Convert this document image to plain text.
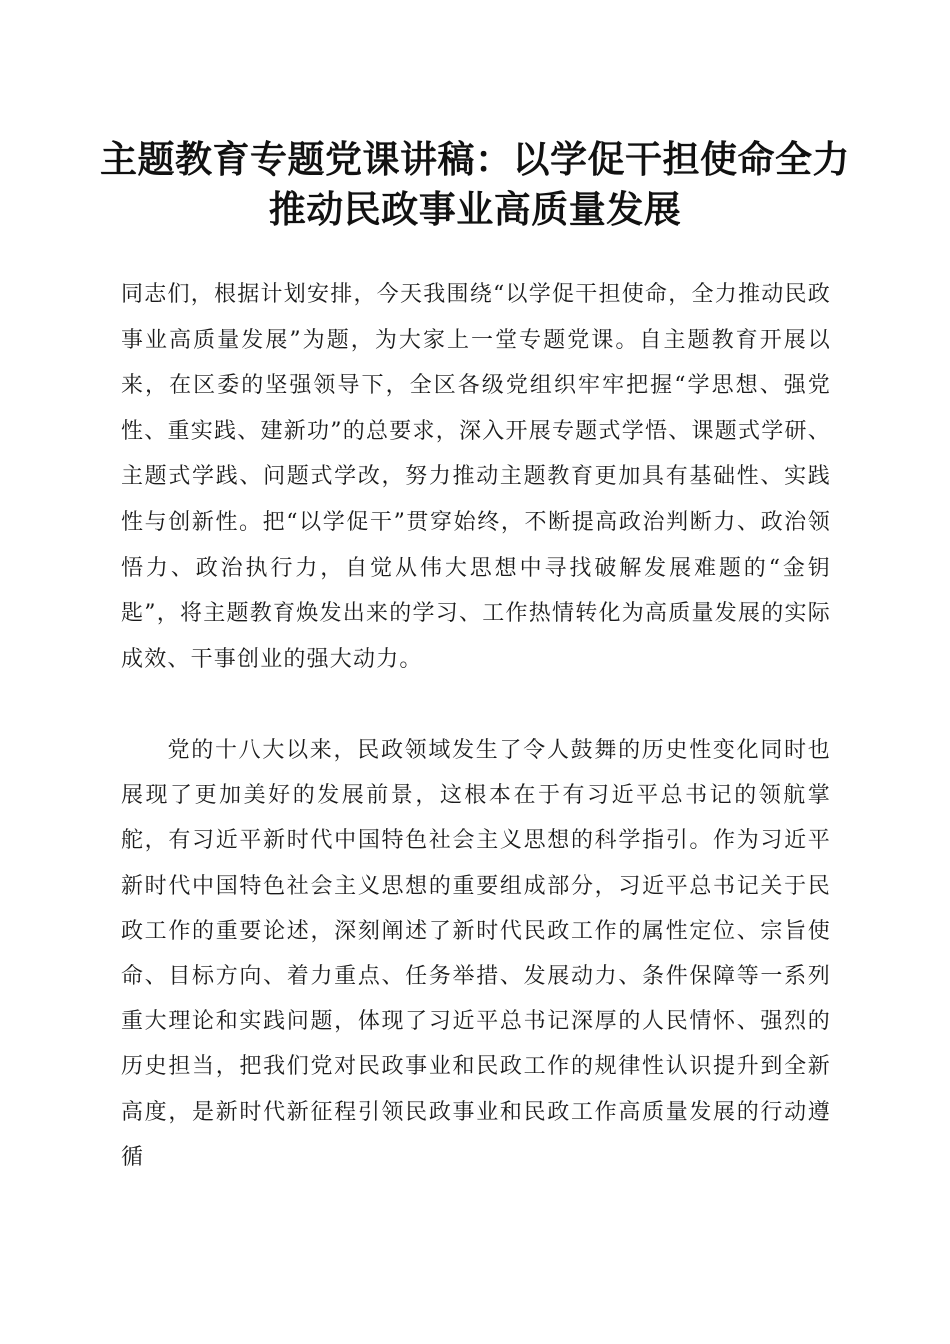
主题教育专题党课讲稿：以学促干担使命全力
推动民政事业高质量发展
同志们，根据计划安排，今天我围绕“以学促干担使命，全力推动民政事业高质量发展”为题，为大家上一堂专题党课。自主题教育开展以来，在区委的坚强领导下，全区各级党组织牢牢把握“学思想、强党性、重实践、建新功”的总要求，深入开展专题式学悟、课题式学研、主题式学践、问题式学改，努力推动主题教育更加具有基础性、实践性与创新性。把“以学促干”贯穿始终，不断提高政治判断力、政治领悟力、政治执行力，自觉从伟大思想中寻找破解发展难题的“金钥匙”，将主题教育焕发出来的学习、工作热情转化为高质量发展的实际成效、干事创业的强大动力。
党的十八大以来，民政领域发生了令人鼓舞的历史性变化同时也展现了更加美好的发展前景，这根本在于有习近平总书记的领航掌舵，有习近平新时代中国特色社会主义思想的科学指引。作为习近平新时代中国特色社会主义思想的重要组成部分，习近平总书记关于民政工作的重要论述，深刻阐述了新时代民政工作的属性定位、宗旨使命、目标方向、着力重点、任务举措、发展动力、条件保障等一系列重大理论和实践问题，体现了习近平总书记深厚的人民情怀、强烈的历史担当，把我们党对民政事业和民政工作的规律性认识提升到全新高度，是新时代新征程引领民政事业和民政工作高质量发展的行动遵循
